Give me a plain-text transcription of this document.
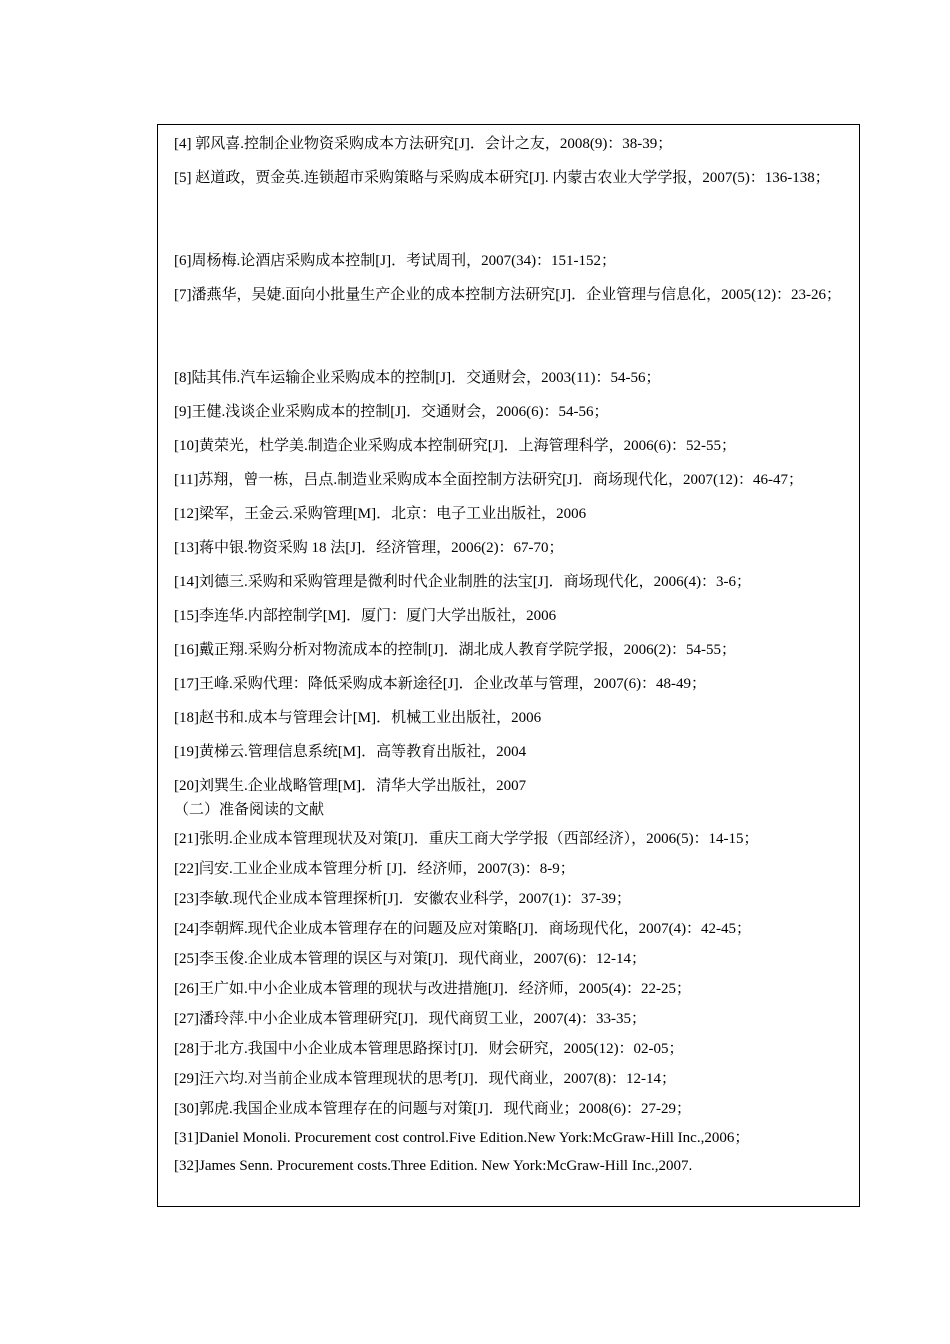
[4] 郭风喜.控制企业物资采购成本方法研究[J]．会计之友，2008(9)：38-39；
[5] 赵道政，贾金英.连锁超市采购策略与采购成本研究[J]. 内蒙古农业大学学报，2007(5)：136-138；
[6]周杨梅.论酒店采购成本控制[J]．考试周刊，2007(34)：151-152；
[7]潘燕华，吴婕.面向小批量生产企业的成本控制方法研究[J]．企业管理与信息化，2005(12)：23-26；
[8]陆其伟.汽车运输企业采购成本的控制[J]．交通财会，2003(11)：54-56；
[9]王健.浅谈企业采购成本的控制[J]．交通财会，2006(6)：54-56；
[10]黄荣光，杜学美.制造企业采购成本控制研究[J]．上海管理科学，2006(6)：52-55；
[11]苏翔，曾一栋，吕点.制造业采购成本全面控制方法研究[J]．商场现代化，2007(12)：46-47；
[12]梁军，王金云.采购管理[M]．北京：电子工业出版社，2006
[13]蒋中银.物资采购 18 法[J]．经济管理，2006(2)：67-70；
[14]刘德三.采购和采购管理是微利时代企业制胜的法宝[J]．商场现代化，2006(4)：3-6；
[15]李连华.内部控制学[M]．厦门：厦门大学出版社，2006
[16]戴正翔.采购分析对物流成本的控制[J]．湖北成人教育学院学报，2006(2)：54-55；
[17]王峰.采购代理：降低采购成本新途径[J]．企业改革与管理，2007(6)：48-49；
[18]赵书和.成本与管理会计[M]．机械工业出版社，2006
[19]黄梯云.管理信息系统[M]．高等教育出版社，2004
[20]刘巽生.企业战略管理[M]．清华大学出版社，2007
（二）准备阅读的文献
[21]张明.企业成本管理现状及对策[J]．重庆工商大学学报（西部经济），2006(5)：14-15；
[22]闫安.工业企业成本管理分析 [J]．经济师，2007(3)：8-9；
[23]李敏.现代企业成本管理探析[J]．安徽农业科学，2007(1)：37-39；
[24]李朝辉.现代企业成本管理存在的问题及应对策略[J]．商场现代化，2007(4)：42-45；
[25]李玉俊.企业成本管理的误区与对策[J]．现代商业，2007(6)：12-14；
[26]王广如.中小企业成本管理的现状与改进措施[J]．经济师，2005(4)：22-25；
[27]潘玲萍.中小企业成本管理研究[J]．现代商贸工业，2007(4)：33-35；
[28]于北方.我国中小企业成本管理思路探讨[J]．财会研究，2005(12)：02-05；
[29]汪六均.对当前企业成本管理现状的思考[J]．现代商业，2007(8)：12-14；
[30]郭虎.我国企业成本管理存在的问题与对策[J]．现代商业；2008(6)：27-29；
[31]Daniel Monoli. Procurement cost control.Five Edition.New York:McGraw-Hill Inc.,2006；
[32]James Senn. Procurement costs.Three Edition. New York:McGraw-Hill Inc.,2007.
